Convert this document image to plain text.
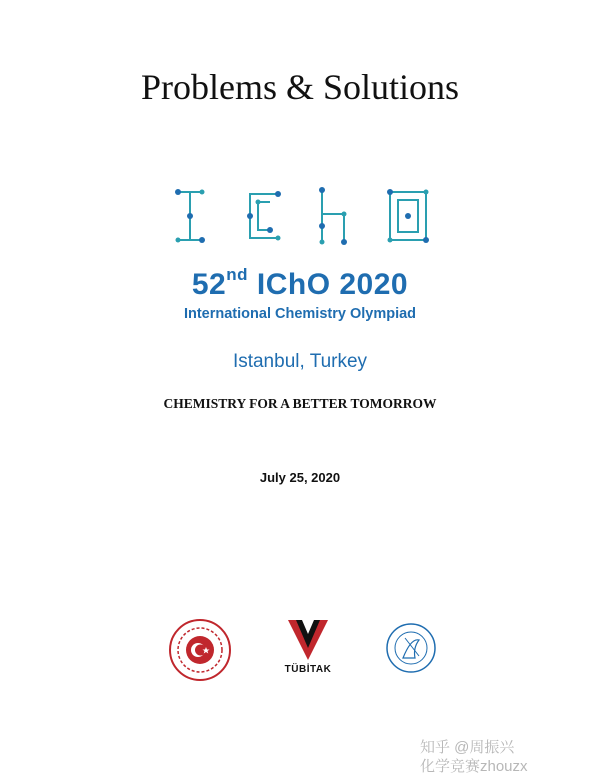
Problems & Solutions
52nd IChO 2020
International Chemistry Olympiad
Istanbul, Turkey
CHEMISTRY FOR A BETTER TOMORROW
July 25, 2020
TÜBİTAK
知乎 @周振兴
化学竞赛zhouzx
